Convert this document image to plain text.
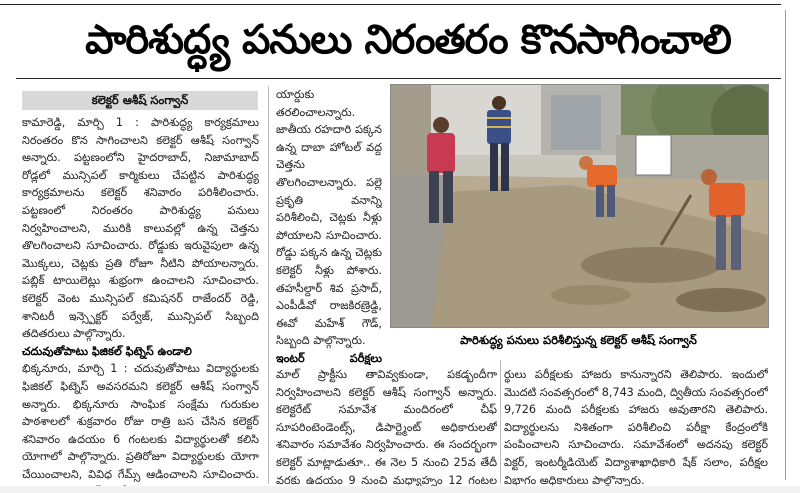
పారిశుద్ధ్య పనులు నిరంతరం కొనసాగించాలి
కలెక్టర్ ఆశీష్ సంగ్వాన్

కామారెడ్డి, మార్చి 1 : పారిశుద్ధ్య కార్యక్రమాలు నిరంతరం కొన సాగించాలని కలెక్టర్ ఆశీష్ సంగ్వాన్ అన్నారు. పట్టణంలోని హైదరాబాద్, నిజామాబాద్ రోడ్లలో మున్సిపల్ కార్మికులు చేపట్టిన పారిశుద్ధ్య కార్యక్రమాలను కలెక్టర్ శనివారం పరిశీలించారు. పట్టణంలో నిరంతరం పారిశుద్ధ్య పనులు నిర్వహించాలని, మురికి కాలువల్లో ఉన్న చెత్తను తొలగించాలని సూచించారు. రోడ్డుకు ఇరువైపులా ఉన్న మొక్కలు, చెట్లకు ప్రతి రోజూ నీటిని పోయాలన్నారు. పబ్లిక్ టాయిలెట్లు శుభ్రంగా ఉంచాలని సూచించారు. కలెక్టర్ వెంట మున్సిపల్ కమిషనర్ రాజేందర్ రెడ్డి, శానిటరీ ఇన్స్పెక్టర్ పర్వేజ్, మున్సిపల్ సిబ్బంది తదితరులు పాల్గొన్నారు.

చదువుతోపాటు ఫిజికల్ ఫిట్నెస్ ఉండాలి

భిక్కనూరు, మార్చి 1 : చదువుతోపాటు విద్యార్థులకు ఫిజికల్ ఫిట్నెస్ అవసరమని కలెక్టర్ ఆశీష్ సంగ్వాన్ అన్నారు. భిక్కనూరు సాంఘిక సంక్షేమ గురుకుల పాఠశాలలో శుక్రవారం రోజు రాత్రి బస చేసిన కలెక్టర్ శనివారం ఉదయం 6 గంటలకు విద్యార్థులతో కలిసి యోగాలో పాల్గొన్నారు. ప్రతిరోజూ విద్యార్థులకు యోగా చేయించాలని, వివిధ గేమ్స్ ఆడించాలని సూచించారు.

యార్డుకు తరలించాలన్నారు. జాతీయ రహదారి పక్కన ఉన్న దాబా హోటల్ వద్ద చెత్తను తొలగించాలన్నారు. పల్లె ప్రకృతి వనాన్ని పరిశీలించి, చెట్లకు నీళ్లు పోయాలని సూచించారు. రోడ్డు పక్కన ఉన్న చెట్లకు కలెక్టర్ నీళ్లు పోశారు. తహసీల్దార్ శివ ప్రసాద్, ఎంపీడీవో రాజకిరణ్రెడ్డి, ఈవో మహేశ్ గౌడ్, సిబ్బంది పాల్గొన్నారు.

ఇంటర్ పరీక్షలు

పారిశుద్ధ్య పనులు పరిశీలిస్తున్న కలెక్టర్ ఆశీష్ సంగ్వాన్

మాల్ ప్రాక్టీసు తావివ్వకుండా, పకడ్బందీగా నిర్వహించాలని కలెక్టర్ ఆశీష్ సంగ్వాన్ అన్నారు. కలెక్టరేట్ సమావేశ మందిరంలో చీఫ్ సూపరింటెండెంట్స్, డిపార్ట్మెంట్ అధికారులతో శనివారం సమావేశం నిర్వహించారు. ఈ సందర్భంగా కలెక్టర్ మాట్లాడుతూ.. ఈ నెల 5 నుంచి 25వ తేదీ వరకు ఉదయం 9 నుంచి మధ్యాహ్నం 12 గంటల

ర్థులు పరీక్షలకు హాజరు కానున్నారని తెలిపారు. ఇందులో మొదటి సంవత్సరంలో 8,743 మంది, ద్వితీయ సంవత్సరంలో 9,726 మంది పరీక్షలకు హాజరు అవుతారని తెలిపారు. విద్యార్థులను నిశితంగా పరిశీలించి పరీక్షా కేంద్రంలోకి పంపించాలని సూచించారు. సమావేశంలో అదనపు కలెక్టర్ విక్టర్, ఇంటర్మీడియెట్ విద్యాశాఖాధికారి షేక్ సలాం, పరీక్షల విభాగం అధికారులు పాల్గొన్నారు.
